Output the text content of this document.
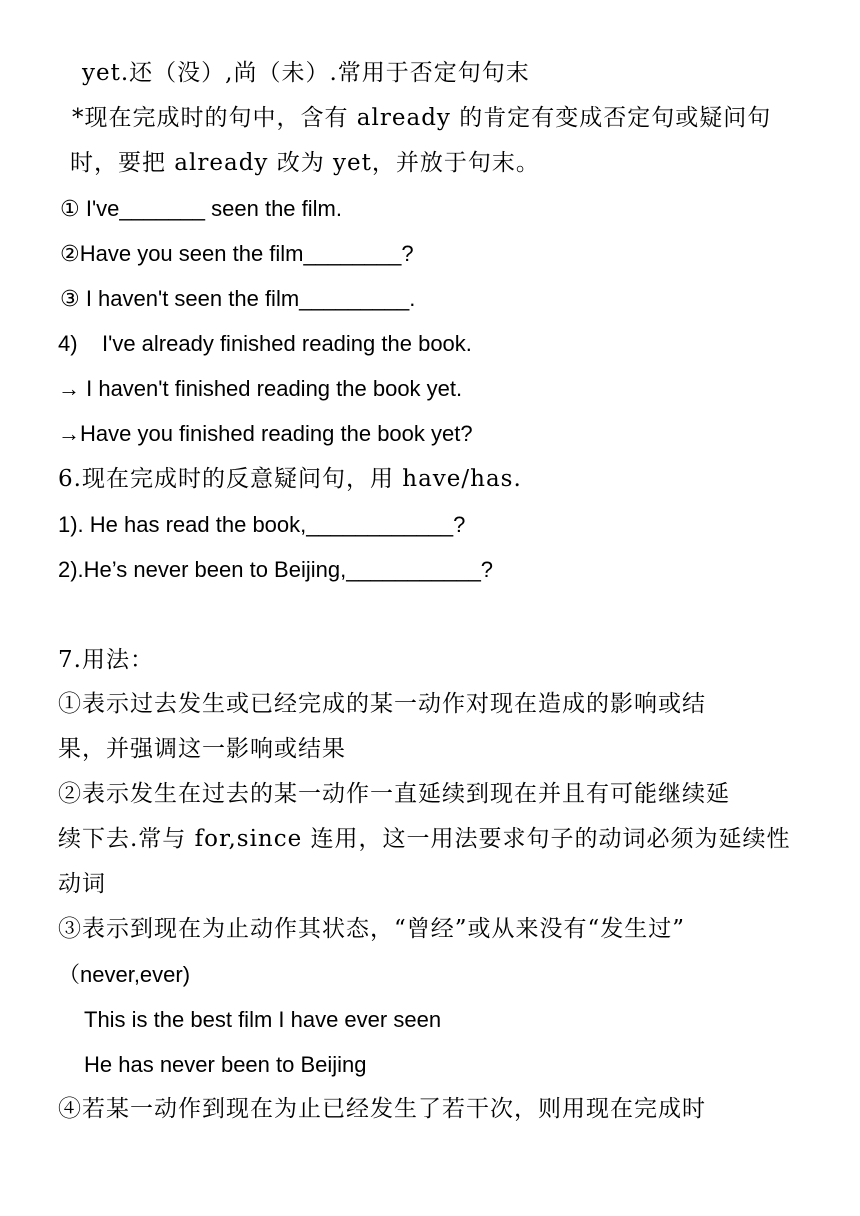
yet.还（没）,尚（未）.常用于否定句句末
*现在完成时的句中，含有 already 的肯定有变成否定句或疑问句
时，要把 already 改为 yet，并放于句末。
① I've_______ seen the film.
②Have you seen the film________?
③ I haven't seen the film_________.
4)    I've already finished reading the book.
→ I haven't finished reading the book yet.
→Have you finished reading the book yet?
6.现在完成时的反意疑问句，用 have/has.
1). He has read the book,____________?
2).He’s never been to Beijing,___________?
7.用法：
①表示过去发生或已经完成的某一动作对现在造成的影响或结
果，并强调这一影响或结果
②表示发生在过去的某一动作一直延续到现在并且有可能继续延
续下去.常与 for,since 连用，这一用法要求句子的动词必须为延续性
动词
③表示到现在为止动作其状态，“曾经”或从来没有“发生过”
（never,ever)
This is the best film I have ever seen
He has never been to Beijing
④若某一动作到现在为止已经发生了若干次，则用现在完成时
